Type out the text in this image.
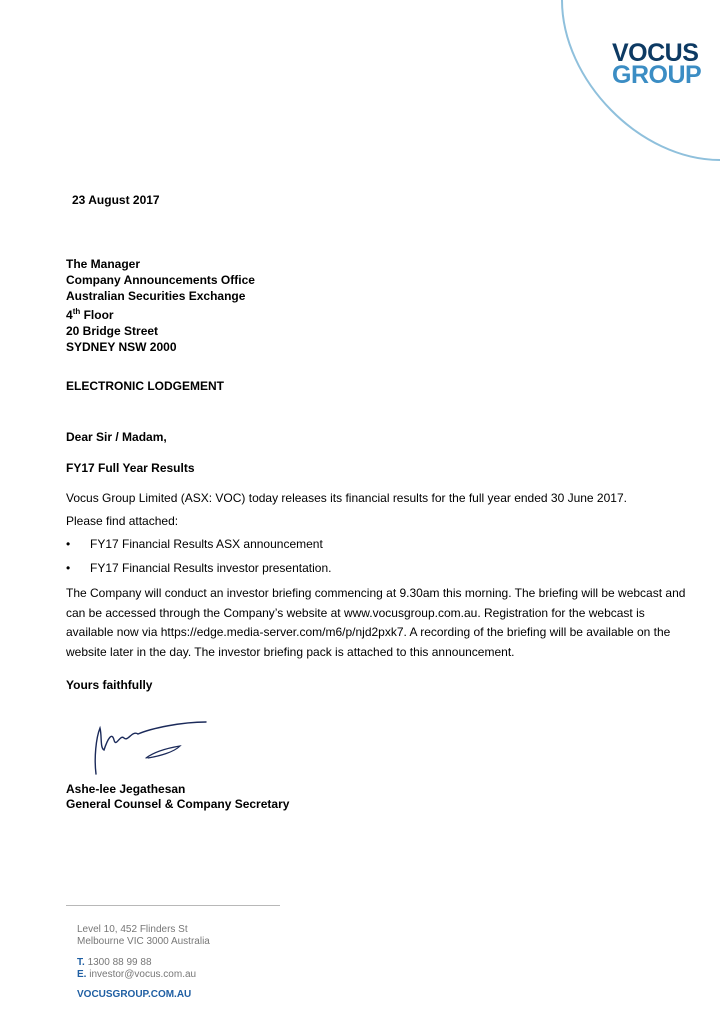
VOCUS
GROUP
23 August 2017
The Manager
Company Announcements Office
Australian Securities Exchange
4th Floor
20 Bridge Street
SYDNEY NSW 2000
ELECTRONIC LODGEMENT
Dear Sir / Madam,
FY17 Full Year Results
Vocus Group Limited (ASX: VOC) today releases its financial results for the full year ended 30 June 2017.
Please find attached:
• FY17 Financial Results ASX announcement
• FY17 Financial Results investor presentation.
The Company will conduct an investor briefing commencing at 9.30am this morning. The briefing will be webcast and can be accessed through the Company’s website at www.vocusgroup.com.au. Registration for the webcast is available now via https://edge.media-server.com/m6/p/njd2pxk7. A recording of the briefing will be available on the website later in the day. The investor briefing pack is attached to this announcement.
Yours faithfully
Ashe-lee Jegathesan
General Counsel & Company Secretary
Level 10, 452 Flinders St
Melbourne VIC 3000 Australia
T. 1300 88 99 88
E. investor@vocus.com.au
VOCUSGROUP.COM.AU
